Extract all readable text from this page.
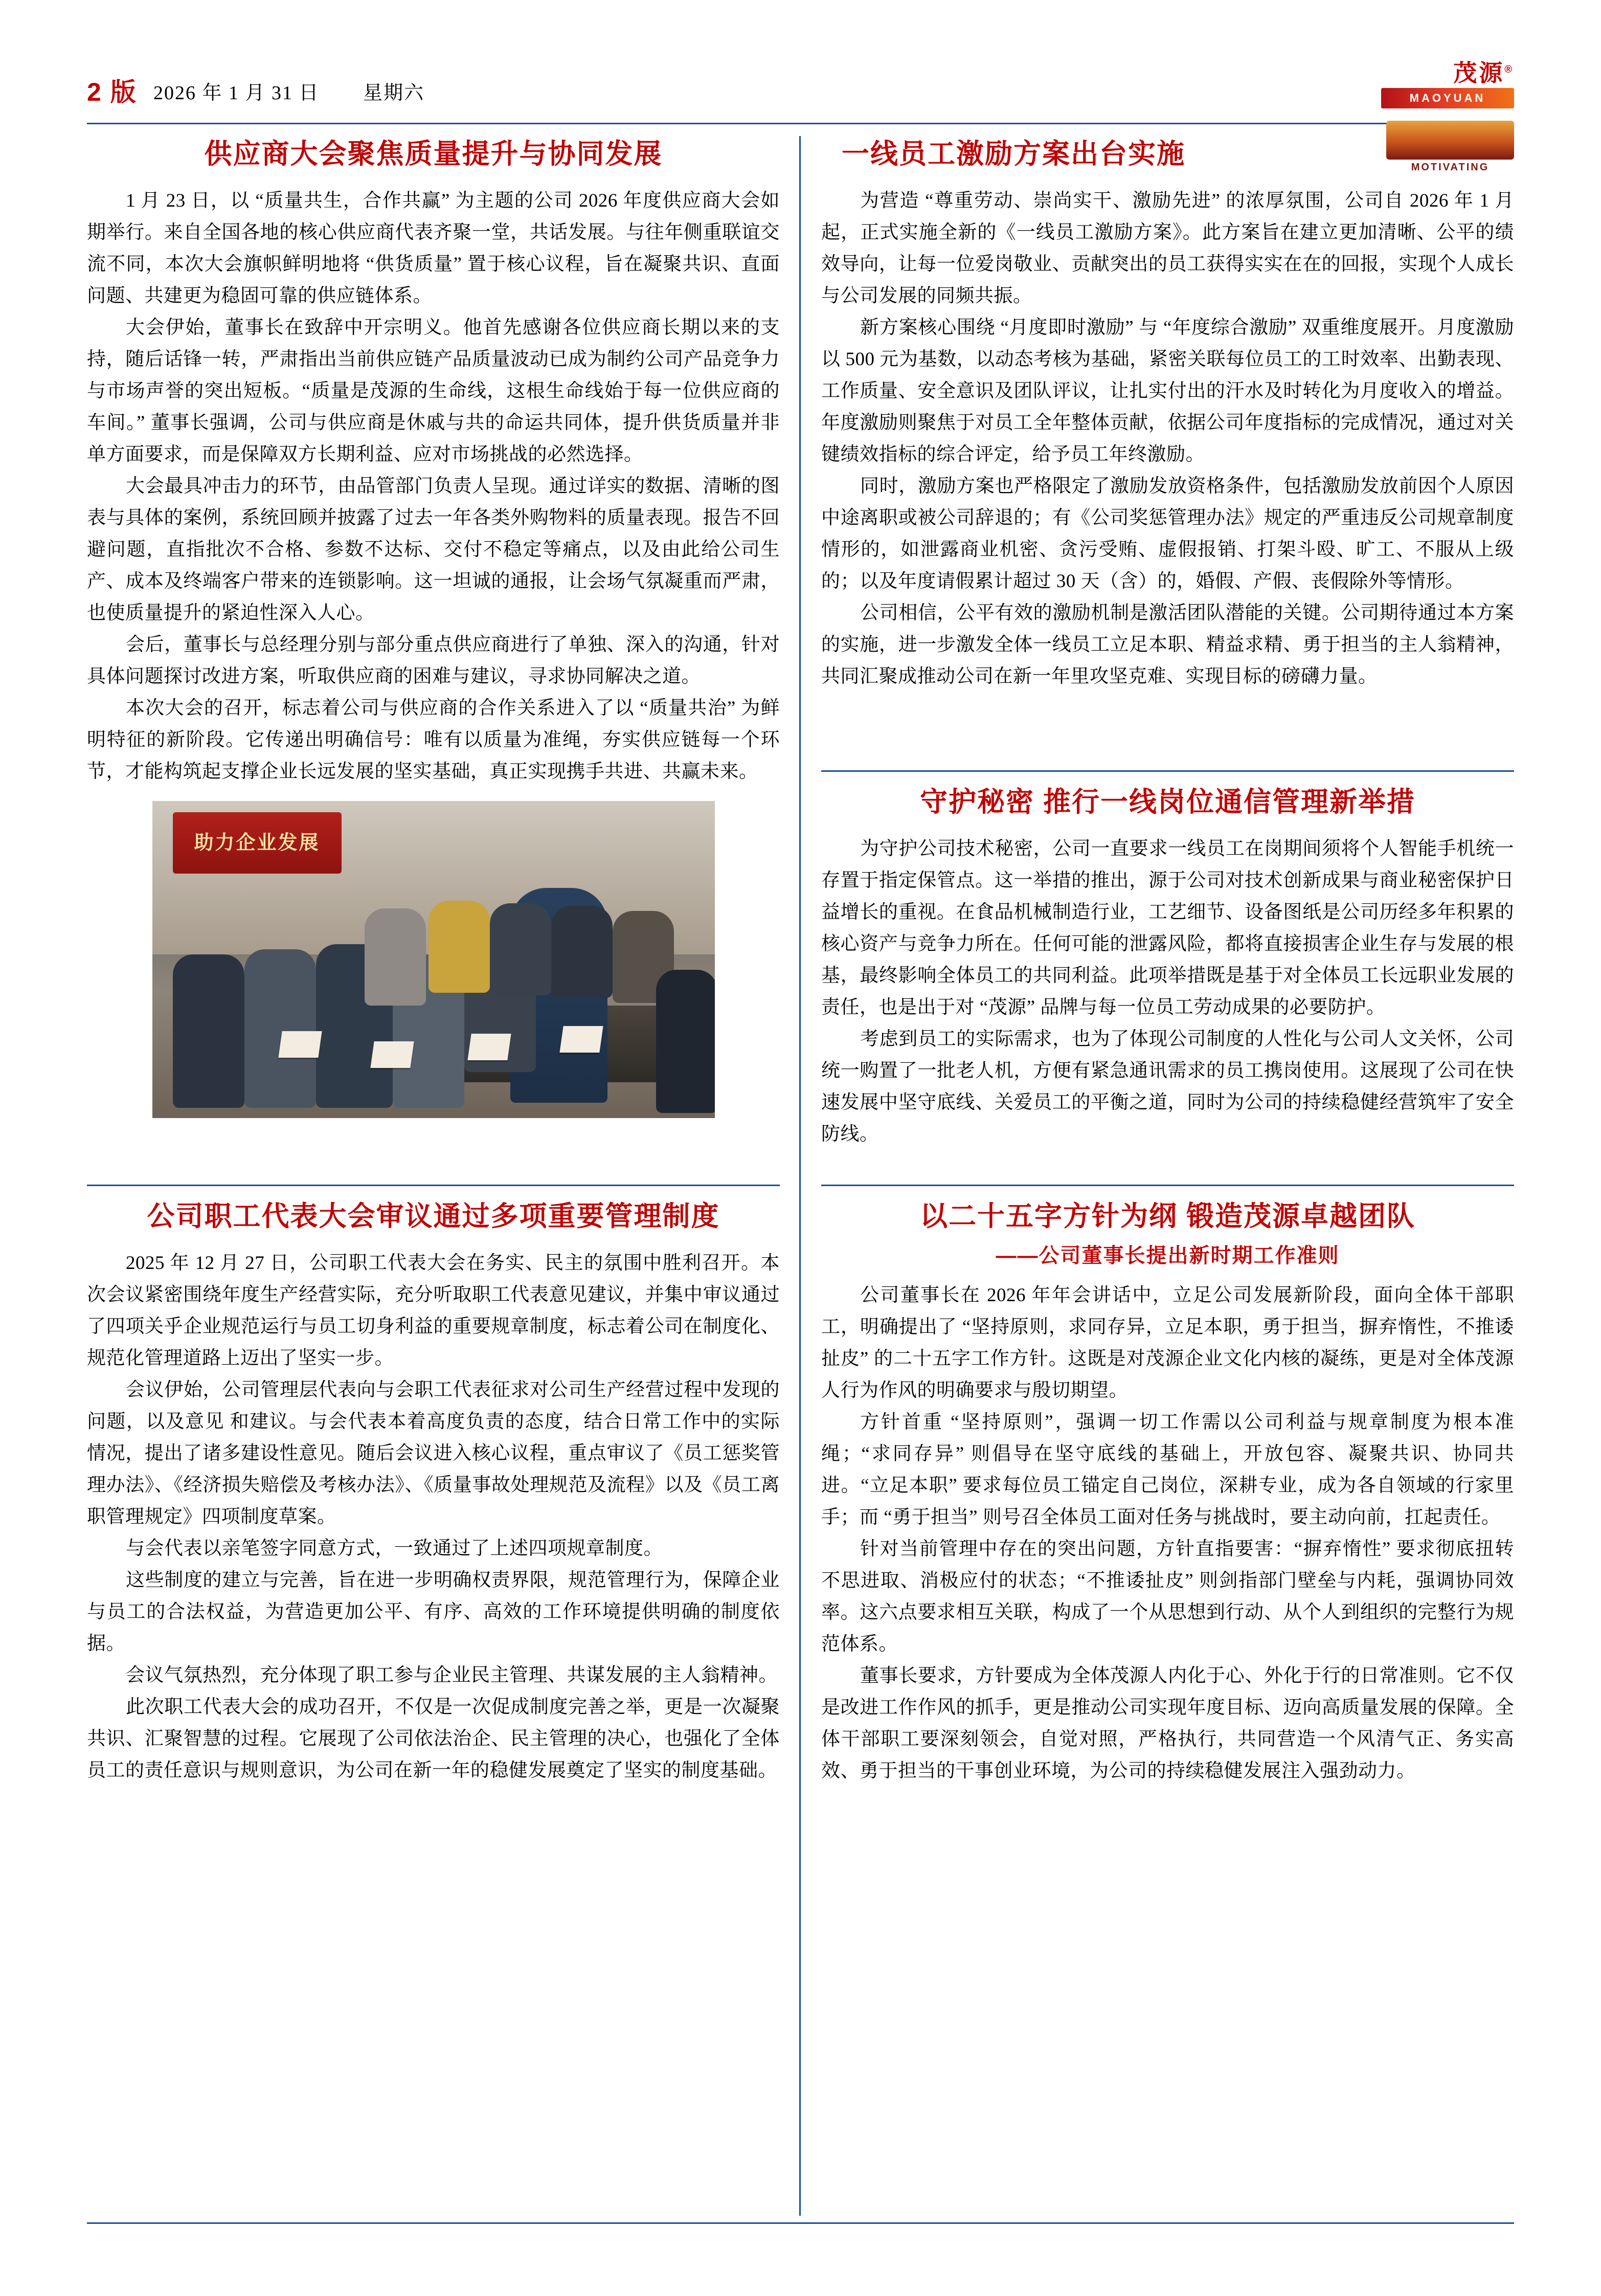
2 版 2026 年 1 月 31 日 星期六
茂源®
MAOYUAN
供应商大会聚焦质量提升与协同发展

1 月 23 日，以 “质量共生，合作共赢” 为主题的公司 2026 年度供应商大会如期举行。来自全国各地的核心供应商代表齐聚一堂，共话发展。与往年侧重联谊交流不同，本次大会旗帜鲜明地将 “供货质量” 置于核心议程，旨在凝聚共识、直面问题、共建更为稳固可靠的供应链体系。

大会伊始，董事长在致辞中开宗明义。他首先感谢各位供应商长期以来的支持，随后话锋一转，严肃指出当前供应链产品质量波动已成为制约公司产品竞争力与市场声誉的突出短板。“质量是茂源的生命线，这根生命线始于每一位供应商的车间。” 董事长强调，公司与供应商是休戚与共的命运共同体，提升供货质量并非单方面要求，而是保障双方长期利益、应对市场挑战的必然选择。

大会最具冲击力的环节，由品管部门负责人呈现。通过详实的数据、清晰的图表与具体的案例，系统回顾并披露了过去一年各类外购物料的质量表现。报告不回避问题，直指批次不合格、参数不达标、交付不稳定等痛点，以及由此给公司生产、成本及终端客户带来的连锁影响。这一坦诚的通报，让会场气氛凝重而严肃，也使质量提升的紧迫性深入人心。

会后，董事长与总经理分别与部分重点供应商进行了单独、深入的沟通，针对具体问题探讨改进方案，听取供应商的困难与建议，寻求协同解决之道。

本次大会的召开，标志着公司与供应商的合作关系进入了以 “质量共治” 为鲜明特征的新阶段。它传递出明确信号：唯有以质量为准绳，夯实供应链每一个环节，才能构筑起支撑企业长远发展的坚实基础，真正实现携手共进、共赢未来。

助力企业发展
公司职工代表大会审议通过多项重要管理制度

2025 年 12 月 27 日，公司职工代表大会在务实、民主的氛围中胜利召开。本次会议紧密围绕年度生产经营实际，充分听取职工代表意见建议，并集中审议通过了四项关乎企业规范运行与员工切身利益的重要规章制度，标志着公司在制度化、规范化管理道路上迈出了坚实一步。

会议伊始，公司管理层代表向与会职工代表征求对公司生产经营过程中发现的问题，以及意见 和建议。与会代表本着高度负责的态度，结合日常工作中的实际情况，提出了诸多建设性意见。随后会议进入核心议程，重点审议了《员工惩奖管理办法》、《经济损失赔偿及考核办法》、《质量事故处理规范及流程》以及《员工离职管理规定》四项制度草案。

与会代表以亲笔签字同意方式，一致通过了上述四项规章制度。

这些制度的建立与完善，旨在进一步明确权责界限，规范管理行为，保障企业与员工的合法权益，为营造更加公平、有序、高效的工作环境提供明确的制度依据。

会议气氛热烈，充分体现了职工参与企业民主管理、共谋发展的主人翁精神。

此次职工代表大会的成功召开，不仅是一次促成制度完善之举，更是一次凝聚共识、汇聚智慧的过程。它展现了公司依法治企、民主管理的决心，也强化了全体员工的责任意识与规则意识，为公司在新一年的稳健发展奠定了坚实的制度基础。

一线员工激励方案出台实施	MOTIVATING

为营造 “尊重劳动、崇尚实干、激励先进” 的浓厚氛围，公司自 2026 年 1 月起，正式实施全新的《一线员工激励方案》。此方案旨在建立更加清晰、公平的绩效导向，让每一位爱岗敬业、贡献突出的员工获得实实在在的回报，实现个人成长与公司发展的同频共振。

新方案核心围绕 “月度即时激励” 与 “年度综合激励” 双重维度展开。月度激励以 500 元为基数，以动态考核为基础，紧密关联每位员工的工时效率、出勤表现、工作质量、安全意识及团队评议，让扎实付出的汗水及时转化为月度收入的增益。年度激励则聚焦于对员工全年整体贡献，依据公司年度指标的完成情况，通过对关键绩效指标的综合评定，给予员工年终激励。

同时，激励方案也严格限定了激励发放资格条件，包括激励发放前因个人原因中途离职或被公司辞退的；有《公司奖惩管理办法》规定的严重违反公司规章制度情形的，如泄露商业机密、贪污受贿、虚假报销、打架斗殴、旷工、不服从上级的；以及年度请假累计超过 30 天（含）的，婚假、产假、丧假除外等情形。

公司相信，公平有效的激励机制是激活团队潜能的关键。公司期待通过本方案的实施，进一步激发全体一线员工立足本职、精益求精、勇于担当的主人翁精神，共同汇聚成推动公司在新一年里攻坚克难、实现目标的磅礴力量。

守护秘密 推行一线岗位通信管理新举措

为守护公司技术秘密，公司一直要求一线员工在岗期间须将个人智能手机统一存置于指定保管点。这一举措的推出，源于公司对技术创新成果与商业秘密保护日益增长的重视。在食品机械制造行业，工艺细节、设备图纸是公司历经多年积累的核心资产与竞争力所在。任何可能的泄露风险，都将直接损害企业生存与发展的根基，最终影响全体员工的共同利益。此项举措既是基于对全体员工长远职业发展的责任，也是出于对 “茂源” 品牌与每一位员工劳动成果的必要防护。

考虑到员工的实际需求，也为了体现公司制度的人性化与公司人文关怀，公司统一购置了一批老人机，方便有紧急通讯需求的员工携岗使用。这展现了公司在快速发展中坚守底线、关爱员工的平衡之道，同时为公司的持续稳健经营筑牢了安全防线。

以二十五字方针为纲 锻造茂源卓越团队
——公司董事长提出新时期工作准则

公司董事长在 2026 年年会讲话中，立足公司发展新阶段，面向全体干部职工，明确提出了 “坚持原则，求同存异，立足本职，勇于担当，摒弃惰性，不推诿扯皮” 的二十五字工作方针。这既是对茂源企业文化内核的凝练，更是对全体茂源人行为作风的明确要求与殷切期望。

方针首重 “坚持原则”，强调一切工作需以公司利益与规章制度为根本准绳；“求同存异” 则倡导在坚守底线的基础上，开放包容、凝聚共识、协同共进。“立足本职” 要求每位员工锚定自己岗位，深耕专业，成为各自领域的行家里手；而 “勇于担当” 则号召全体员工面对任务与挑战时，要主动向前，扛起责任。

针对当前管理中存在的突出问题，方针直指要害：“摒弃惰性” 要求彻底扭转不思进取、消极应付的状态；“不推诿扯皮” 则剑指部门壁垒与内耗，强调协同效率。这六点要求相互关联，构成了一个从思想到行动、从个人到组织的完整行为规范体系。

董事长要求，方针要成为全体茂源人内化于心、外化于行的日常准则。它不仅是改进工作作风的抓手，更是推动公司实现年度目标、迈向高质量发展的保障。全体干部职工要深刻领会，自觉对照，严格执行，共同营造一个风清气正、务实高效、勇于担当的干事创业环境，为公司的持续稳健发展注入强劲动力。
